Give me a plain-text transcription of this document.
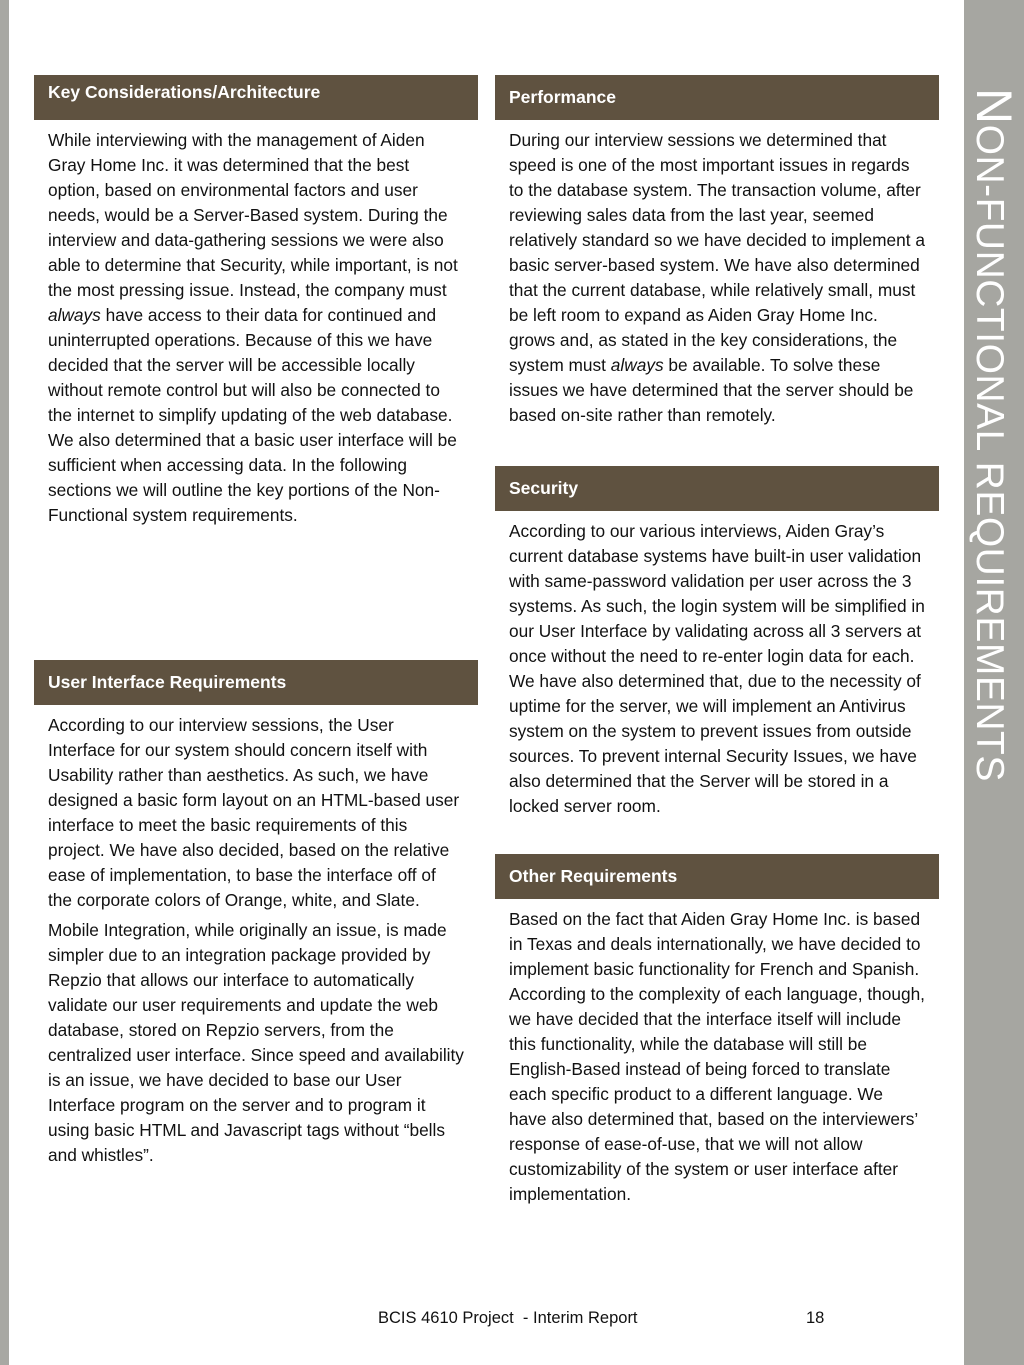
NON-FUNCTIONAL REQUIREMENTS
Key Considerations/Architecture

While interviewing with the management of Aiden Gray Home Inc. it was determined that the best option, based on environmental factors and user needs, would be a Server-Based system. During the interview and data-gathering sessions we were also able to determine that Security, while important, is not the most pressing issue. Instead, the company must always have access to their data for continued and uninterrupted operations. Because of this we have decided that the server will be accessible locally without remote control but will also be connected to the internet to simplify updating of the web database. We also determined that a basic user interface will be sufficient when accessing data. In the following sections we will outline the key portions of the Non-Functional system requirements.

User Interface Requirements

According to our interview sessions, the User Interface for our system should concern itself with Usability rather than aesthetics. As such, we have designed a basic form layout on an HTML-based user interface to meet the basic requirements of this project. We have also decided, based on the relative ease of implementation, to base the interface off of the corporate colors of Orange, white, and Slate.

Mobile Integration, while originally an issue, is made simpler due to an integration package provided by Repzio that allows our interface to automatically validate our user requirements and update the web database, stored on Repzio servers, from the centralized user interface. Since speed and availability is an issue, we have decided to base our User Interface program on the server and to program it using basic HTML and Javascript tags without “bells and whistles”.

Performance

During our interview sessions we determined that speed is one of the most important issues in regards to the database system. The transaction volume, after reviewing sales data from the last year, seemed relatively standard so we have decided to implement a basic server-based system. We have also determined that the current database, while relatively small, must be left room to expand as Aiden Gray Home Inc. grows and, as stated in the key considerations, the system must always be available. To solve these issues we have determined that the server should be based on-site rather than remotely.

Security

According to our various interviews, Aiden Gray’s current database systems have built-in user validation with same-password validation per user across the 3 systems. As such, the login system will be simplified in our User Interface by validating across all 3 servers at once without the need to re-enter login data for each. We have also determined that, due to the necessity of uptime for the server, we will implement an Antivirus system on the system to prevent issues from outside sources. To prevent internal Security Issues, we have also determined that the Server will be stored in a locked server room.

Other Requirements

Based on the fact that Aiden Gray Home Inc. is based in Texas and deals internationally, we have decided to implement basic functionality for French and Spanish. According to the complexity of each language, though, we have decided that the interface itself will include this functionality, while the database will still be English-Based instead of being forced to translate each specific product to a different language. We have also determined that, based on the interviewers’ response of ease-of-use, that we will not allow customizability of the system or user interface after implementation.

BCIS 4610 Project  - Interim Report	18
